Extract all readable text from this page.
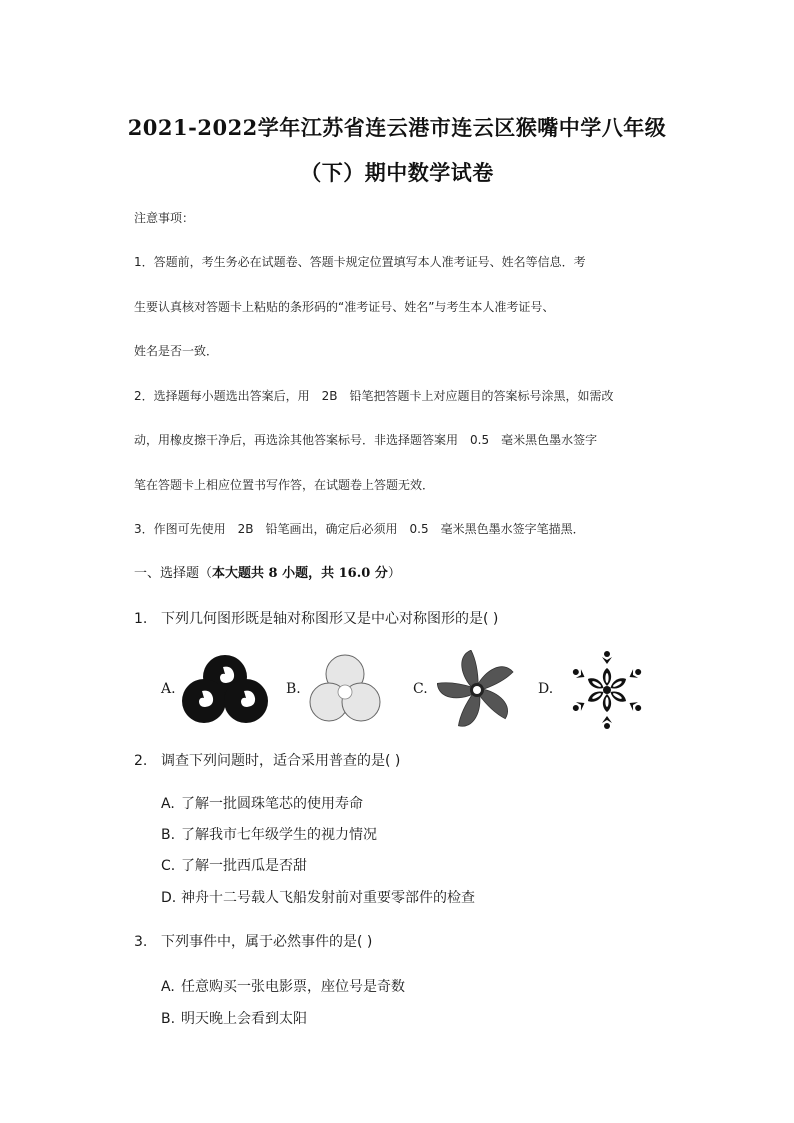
2021-2022学年江苏省连云港市连云区猴嘴中学八年级
（下）期中数学试卷
注意事项：
1．答题前，考生务必在试题卷、答题卡规定位置填写本人准考证号、姓名等信息．考
生要认真核对答题卡上粘贴的条形码的“准考证号、姓名”与考生本人准考证号、
姓名是否一致．
2．选择题每小题选出答案后，用　2B　铅笔把答题卡上对应题目的答案标号涂黑，如需改
动，用橡皮擦干净后，再选涂其他答案标号．非选择题答案用　0.5　毫米黑色墨水签字
笔在答题卡上相应位置书写作答，在试题卷上答题无效．
3．作图可先使用　2B　铅笔画出，确定后必须用　0.5　毫米黑色墨水签字笔描黑．
一、选择题（本大题共 8 小题，共 16.0 分）
1. 下列几何图形既是轴对称图形又是中心对称图形的是( )
A.	B.	C.	D.
2. 调查下列问题时，适合采用普查的是( )
A. 了解一批圆珠笔芯的使用寿命
B. 了解我市七年级学生的视力情况
C. 了解一批西瓜是否甜
D. 神舟十二号载人飞船发射前对重要零部件的检查
3. 下列事件中，属于必然事件的是( )
A. 任意购买一张电影票，座位号是奇数
B. 明天晚上会看到太阳
